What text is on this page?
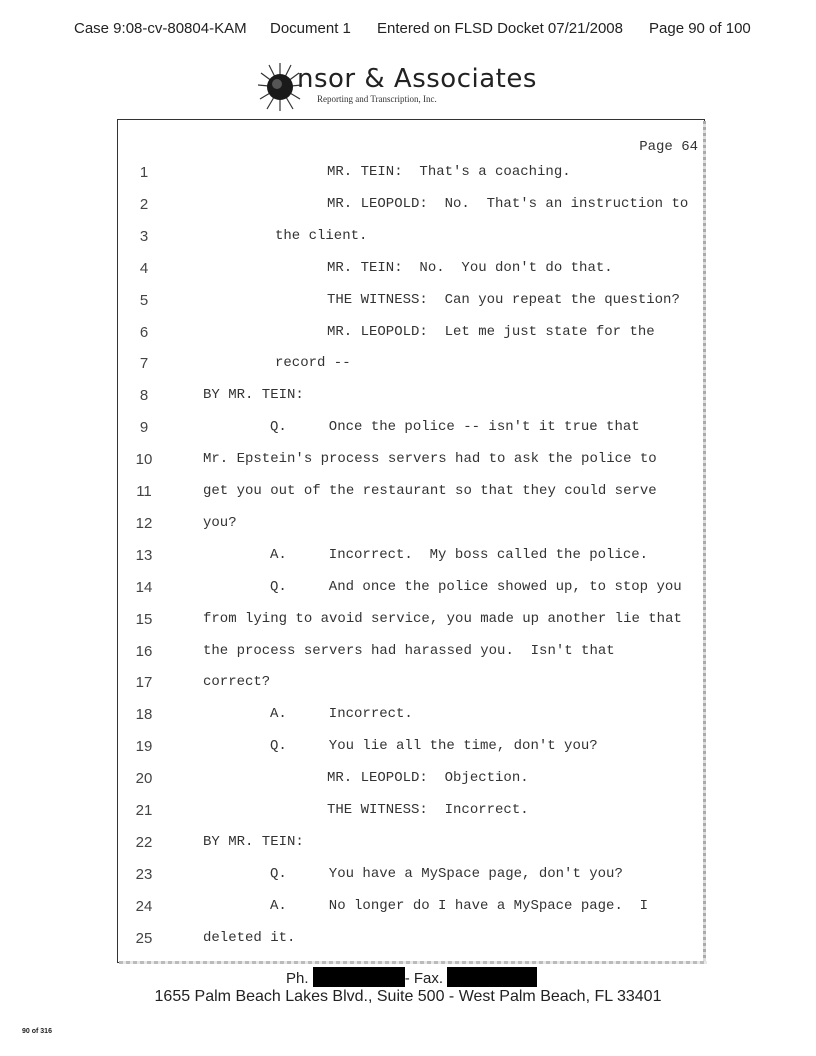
Case 9:08-cv-80804-KAM Document 1 Entered on FLSD Docket 07/21/2008 Page 90 of 100
nsor & Associates
Reporting and Transcription, Inc.
Page 64
1	MR. TEIN:  That's a coaching.
2	MR. LEOPOLD:  No.  That's an instruction to
3	the client.
4	MR. TEIN:  No.  You don't do that.
5	THE WITNESS:  Can you repeat the question?
6	MR. LEOPOLD:  Let me just state for the
7	record --
8	BY MR. TEIN:
9	Q.     Once the police -- isn't it true that
10	Mr. Epstein's process servers had to ask the police to
11	get you out of the restaurant so that they could serve
12	you?
13	A.     Incorrect.  My boss called the police.
14	Q.     And once the police showed up, to stop you
15	from lying to avoid service, you made up another lie that
16	the process servers had harassed you.  Isn't that
17	correct?
18	A.     Incorrect.
19	Q.     You lie all the time, don't you?
20	MR. LEOPOLD:  Objection.
21	THE WITNESS:  Incorrect.
22	BY MR. TEIN:
23	Q.     You have a MySpace page, don't you?
24	A.     No longer do I have a MySpace page.  I
25	deleted it.
Ph.	- Fax.
1655 Palm Beach Lakes Blvd., Suite 500 - West Palm Beach, FL 33401
90 of 316
